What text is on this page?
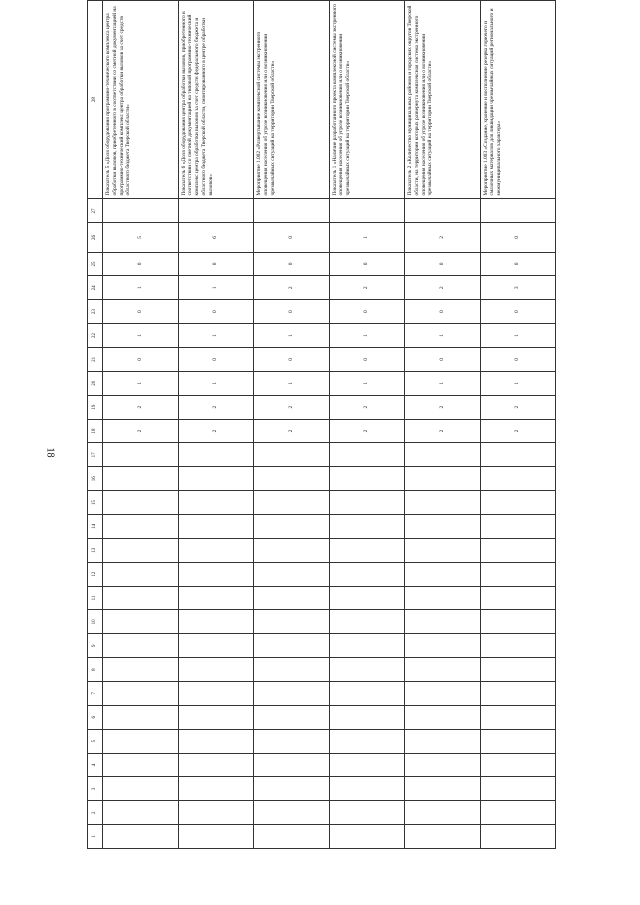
18
1	2	3	4	5	6	7	8	9	10	11	12	13	14	15	16	17	18	19	20	21	22	23	24	25	26	27	28									
																	2	2	1	0	1	0	1	0	5		Показатель 5 «Доля оборудования программно-технического комплекса центра обработки вызовов, приобретенного в соответствии со сметной документацией на программно-технический комплекс центра обработки вызовов за счет средств областного бюджета Тверской области»									
																	2	2	1	0	1	0	1	0	6		Показатель 6 «Доля оборудования центра обработки вызовов, приобретенного в соответствии со сметной документацией на типовой программно-технический комплекс центра обработки вызовов за счет средств федерального бюджета и областного бюджета Тверской области, смонтированного в центре обработки вызовов»									
																	2	2	1	0	1	0	2	0	0		Мероприятие 1.002 «Развертывание комплексной системы экстренного оповещения населения об угрозе возникновения или о возникновении чрезвычайных ситуаций на территории Тверской области»									
																	2	2	1	0	1	0	2	0	1		Показатель 1 «Наличие разработанного проекта комплексной системы экстренного оповещения населения об угрозе возникновения или о возникновении чрезвычайных ситуаций на территории Тверской области»									
																	2	2	1	0	1	0	2	0	2		Показатель 2 «Количество муниципальных районов и городских округов Тверской области, на территории которых развернута комплексная система экстренного оповещения населения об угрозе возникновения или о возникновении чрезвычайных ситуаций на территории Тверской области»									
																	2	2	1	0	1	0	3	0	0		Мероприятие 1.003 «Создание, хранение и восполнение резерва горючего и смазочных материалов для ликвидации чрезвычайных ситуаций регионального и межмуниципального характера»									
